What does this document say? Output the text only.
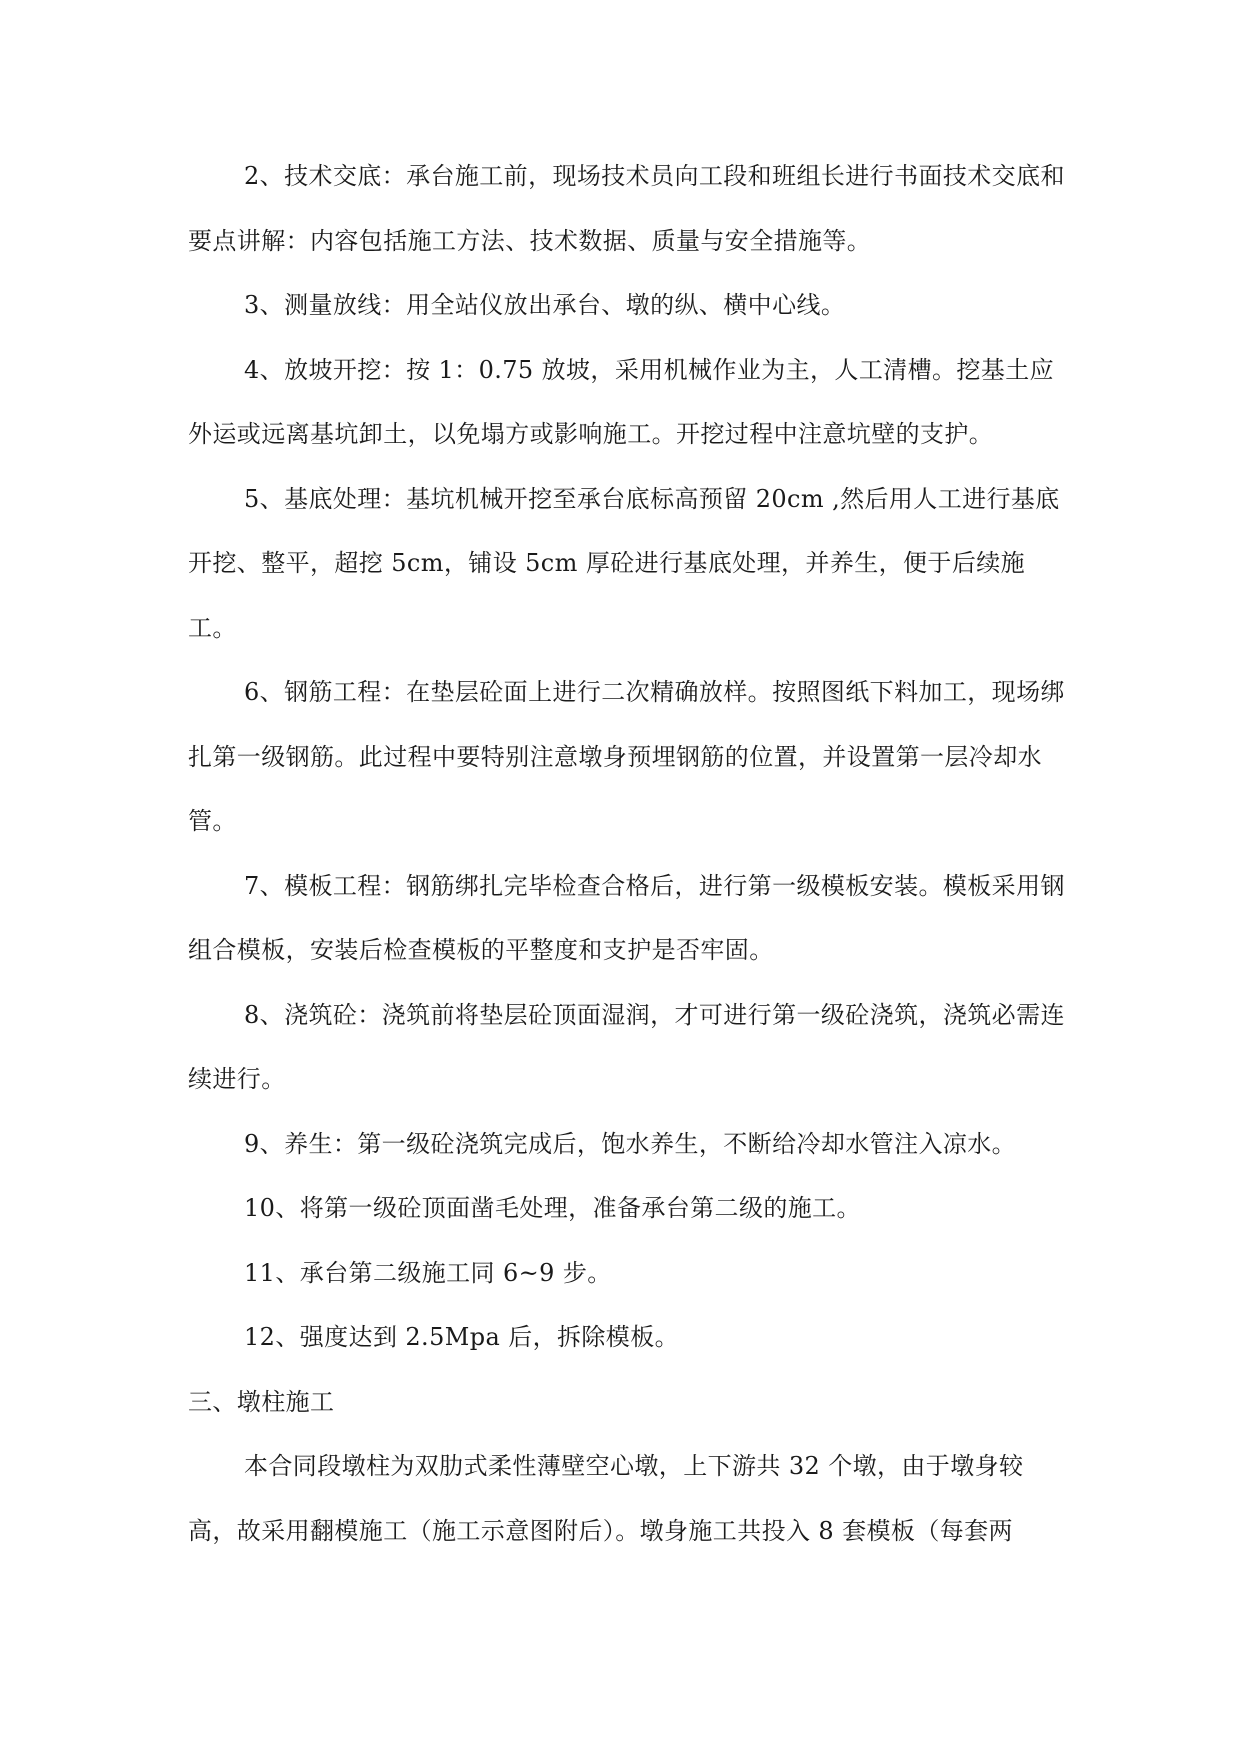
2、技术交底：承台施工前，现场技术员向工段和班组长进行书面技术交底和要点讲解：内容包括施工方法、技术数据、质量与安全措施等。

3、测量放线：用全站仪放出承台、墩的纵、横中心线。

4、放坡开挖：按 1：0.75 放坡，采用机械作业为主，人工清槽。挖基土应外运或远离基坑卸土，以免塌方或影响施工。开挖过程中注意坑壁的支护。

5、基底处理：基坑机械开挖至承台底标高预留 20cm ,然后用人工进行基底开挖、整平，超挖 5cm，铺设 5cm 厚砼进行基底处理，并养生，便于后续施工。

6、钢筋工程：在垫层砼面上进行二次精确放样。按照图纸下料加工，现场绑扎第一级钢筋。此过程中要特别注意墩身预埋钢筋的位置，并设置第一层冷却水管。

7、模板工程：钢筋绑扎完毕检查合格后，进行第一级模板安装。模板采用钢组合模板，安装后检查模板的平整度和支护是否牢固。

8、浇筑砼：浇筑前将垫层砼顶面湿润，才可进行第一级砼浇筑，浇筑必需连续进行。

9、养生：第一级砼浇筑完成后，饱水养生，不断给冷却水管注入凉水。

10、将第一级砼顶面凿毛处理，准备承台第二级的施工。

11、承台第二级施工同 6~9 步。

12、强度达到 2.5Mpa 后，拆除模板。

三、墩柱施工

本合同段墩柱为双肋式柔性薄壁空心墩，上下游共 32 个墩，由于墩身较高，故采用翻模施工（施工示意图附后）。墩身施工共投入 8 套模板（每套两
